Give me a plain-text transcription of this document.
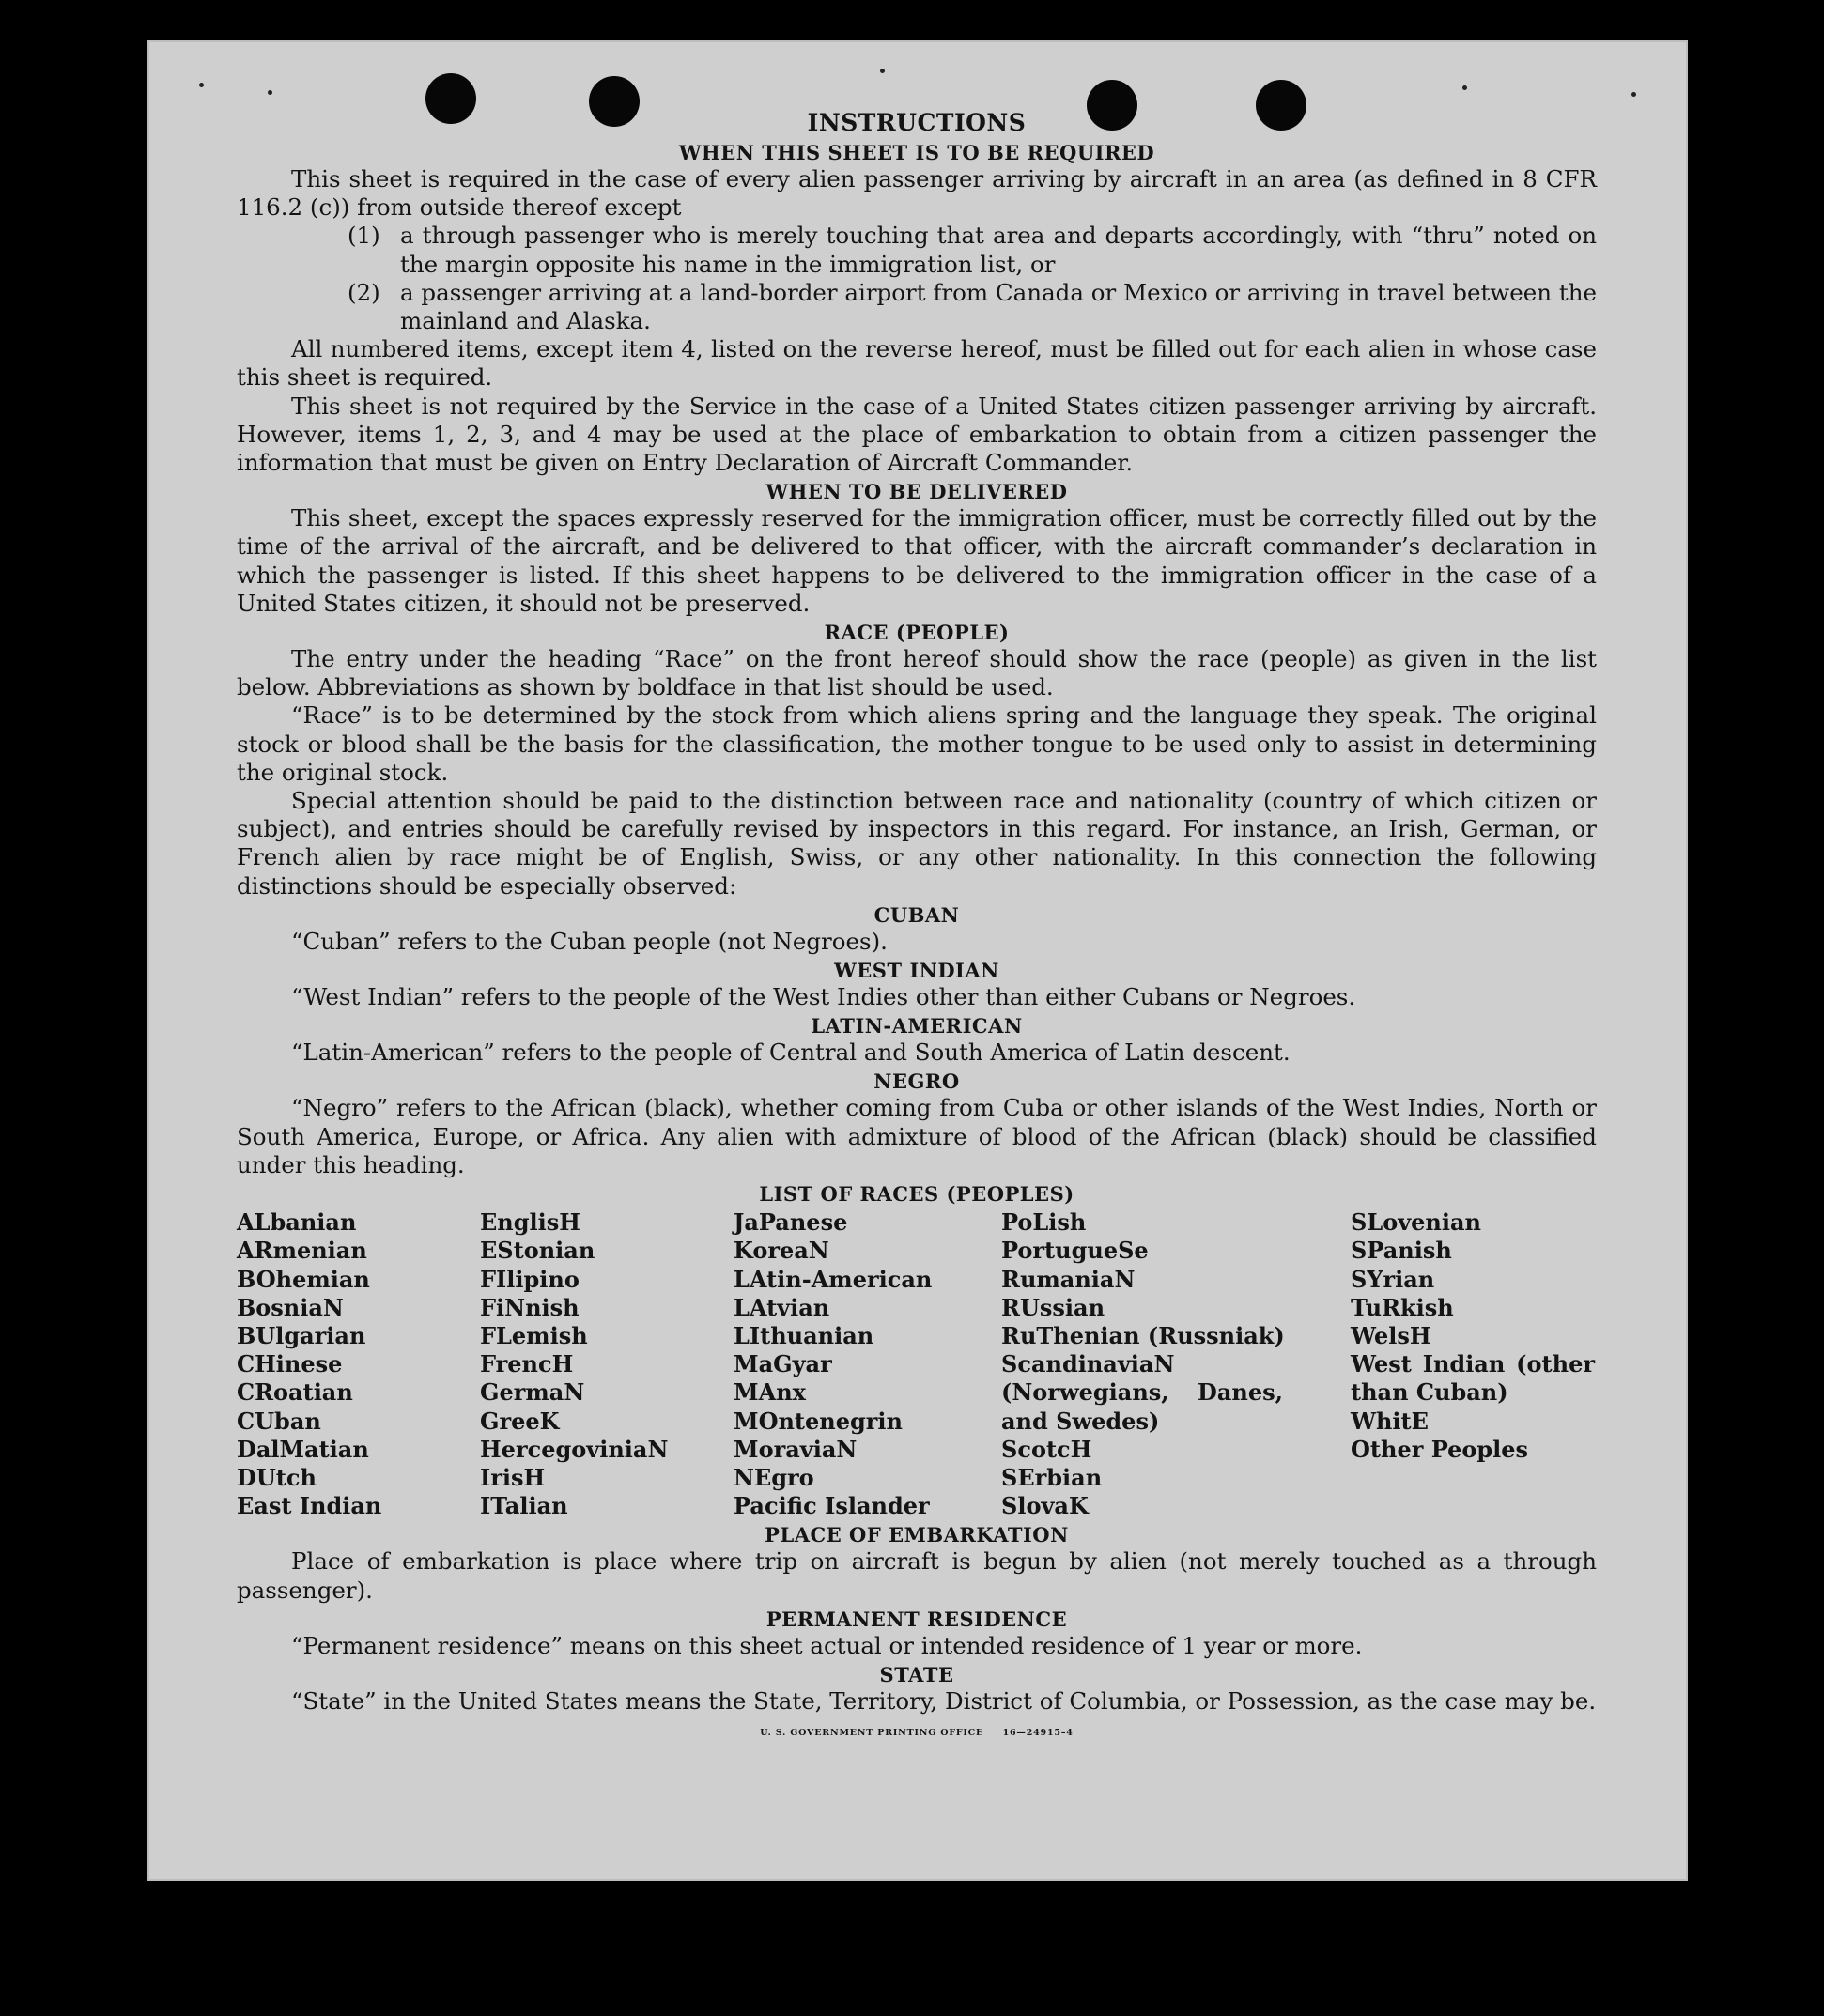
INSTRUCTIONS
WHEN THIS SHEET IS TO BE REQUIRED

This sheet is required in the case of every alien passenger arriving by aircraft in an area (as defined in 8 CFR 116.2 (c)) from outside thereof except

(1) a through passenger who is merely touching that area and departs accordingly, with “thru” noted on the margin opposite his name in the immigration list, or
(2) a passenger arriving at a land-border airport from Canada or Mexico or arriving in travel between the mainland and Alaska.

All numbered items, except item 4, listed on the reverse hereof, must be filled out for each alien in whose case this sheet is required.

This sheet is not required by the Service in the case of a United States citizen passenger arriving by aircraft. However, items 1, 2, 3, and 4 may be used at the place of embarkation to obtain from a citizen passenger the information that must be given on Entry Declaration of Aircraft Commander.

WHEN TO BE DELIVERED

This sheet, except the spaces expressly reserved for the immigration officer, must be correctly filled out by the time of the arrival of the aircraft, and be delivered to that officer, with the aircraft commander’s declaration in which the passenger is listed. If this sheet happens to be delivered to the immigration officer in the case of a United States citizen, it should not be preserved.

RACE (PEOPLE)

The entry under the heading “Race” on the front hereof should show the race (people) as given in the list below. Abbreviations as shown by boldface in that list should be used.

“Race” is to be determined by the stock from which aliens spring and the language they speak. The original stock or blood shall be the basis for the classification, the mother tongue to be used only to assist in determining the original stock.

Special attention should be paid to the distinction between race and nationality (country of which citizen or subject), and entries should be carefully revised by inspectors in this regard. For instance, an Irish, German, or French alien by race might be of English, Swiss, or any other nationality. In this connection the following distinctions should be especially observed:

CUBAN

“Cuban” refers to the Cuban people (not Negroes).

WEST INDIAN

“West Indian” refers to the people of the West Indies other than either Cubans or Negroes.

LATIN-AMERICAN

“Latin-American” refers to the people of Central and South America of Latin descent.

NEGRO

“Negro” refers to the African (black), whether coming from Cuba or other islands of the West Indies, North or South America, Europe, or Africa. Any alien with admixture of blood of the African (black) should be classified under this heading.

LIST OF RACES (PEOPLES)
ALbanian
ARmenian
BOhemian
BosniaN
BUlgarian
CHinese
CRoatian
CUban
DalMatian
DUtch
East Indian
EnglisH
EStonian
FIlipino
FiNnish
FLemish
FrencH
GermaN
GreeK
HercegoviniaN
IrisH
ITalian
JaPanese
KoreaN
LAtin-American
LAtvian
LIthuanian
MaGyar
MAnx
MOntenegrin
MoraviaN
NEgro
Pacific Islander
PoLish
PortugueSe
RumaniaN
RUssian
RuThenian (Russniak)
ScandinaviaN (Norwegians, Danes, and Swedes)
ScotcH
SErbian
SlovaK
SLovenian
SPanish
SYrian
TuRkish
WelsH
West Indian (other than Cuban)
WhitE
Other Peoples
PLACE OF EMBARKATION

Place of embarkation is place where trip on aircraft is begun by alien (not merely touched as a through passenger).

PERMANENT RESIDENCE

“Permanent residence” means on this sheet actual or intended residence of 1 year or more.

STATE

“State” in the United States means the State, Territory, District of Columbia, or Possession, as the case may be.

U. S. GOVERNMENT PRINTING OFFICE     16—24915–4
